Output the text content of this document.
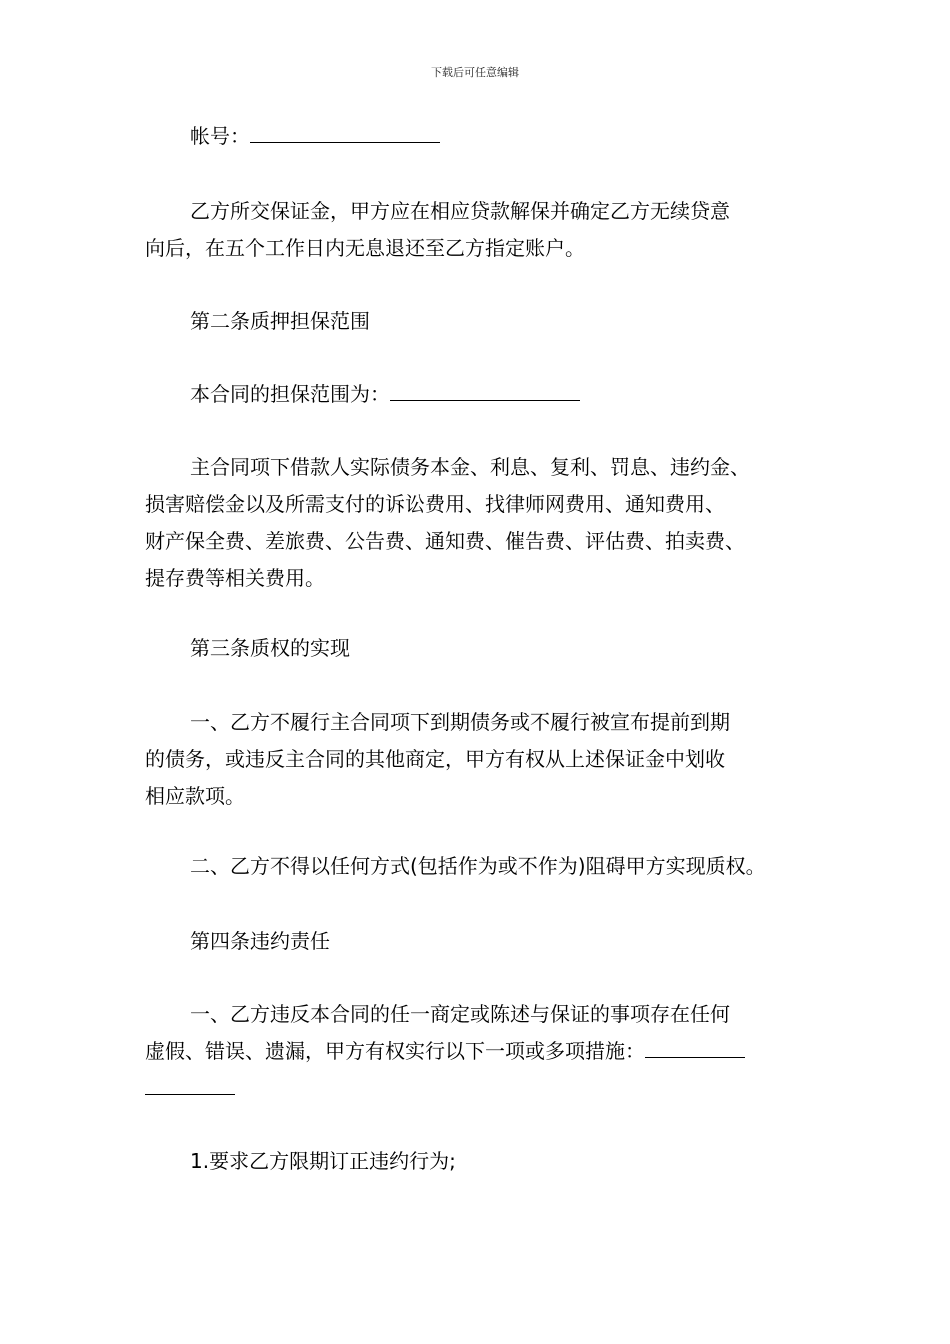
下载后可任意编辑
帐号：
乙方所交保证金，甲方应在相应贷款解保并确定乙方无续贷意
向后，在五个工作日内无息退还至乙方指定账户。
第二条质押担保范围
本合同的担保范围为：
主合同项下借款人实际债务本金、利息、复利、罚息、违约金、
损害赔偿金以及所需支付的诉讼费用、找律师网费用、通知费用、
财产保全费、差旅费、公告费、通知费、催告费、评估费、拍卖费、
提存费等相关费用。
第三条质权的实现
一、乙方不履行主合同项下到期债务或不履行被宣布提前到期
的债务，或违反主合同的其他商定，甲方有权从上述保证金中划收
相应款项。
二、乙方不得以任何方式(包括作为或不作为)阻碍甲方实现质权。
第四条违约责任
一、乙方违反本合同的任一商定或陈述与保证的事项存在任何
虚假、错误、遗漏，甲方有权实行以下一项或多项措施：
1.要求乙方限期订正违约行为;
